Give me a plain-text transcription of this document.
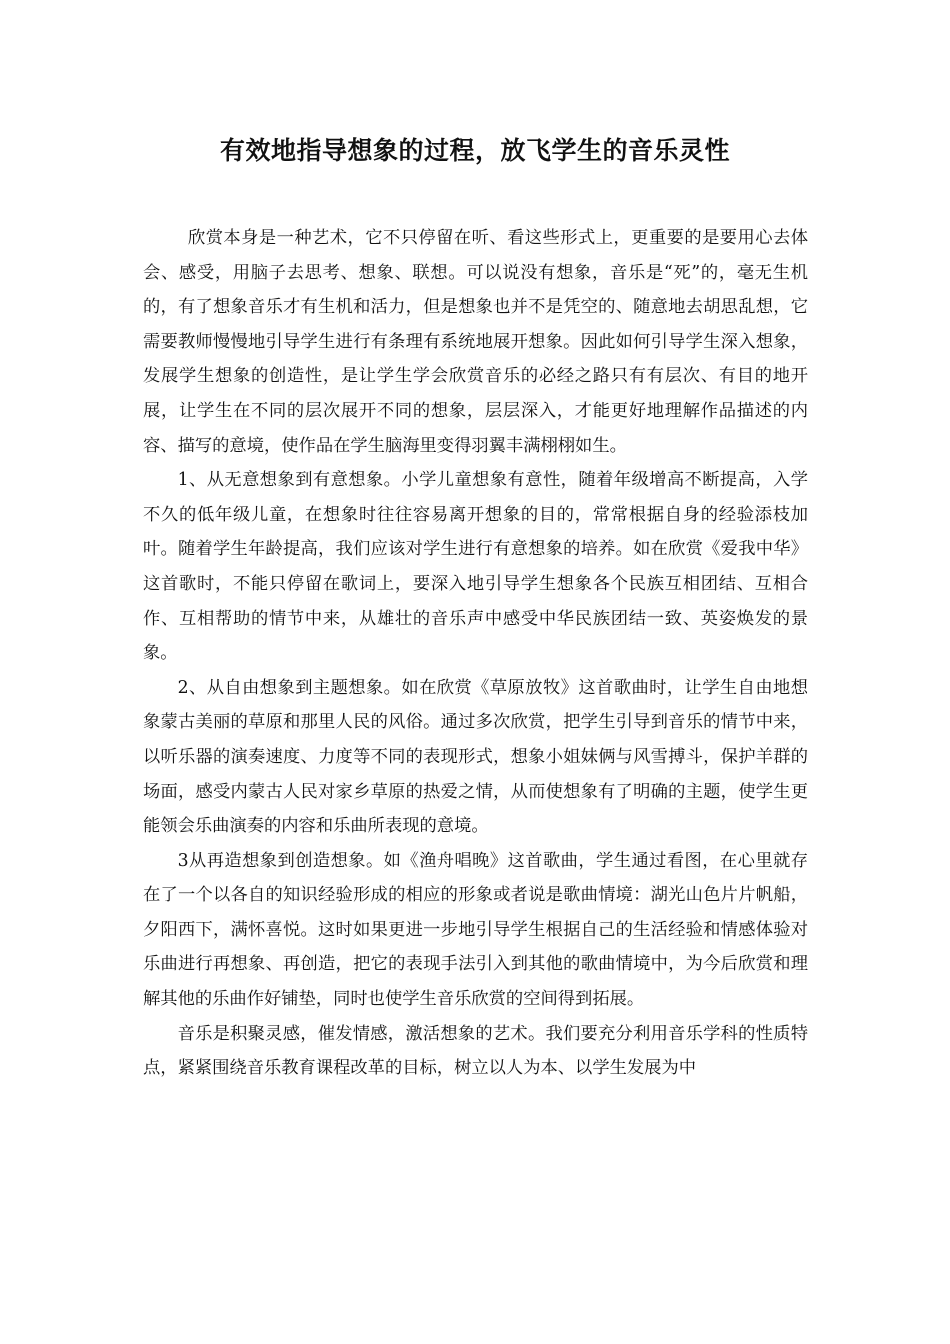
有效地指导想象的过程，放飞学生的音乐灵性

欣赏本身是一种艺术，它不只停留在听、看这些形式上，更重要的是要用心去体会、感受，用脑子去思考、想象、联想。可以说没有想象，音乐是“死”的，毫无生机的，有了想象音乐才有生机和活力，但是想象也并不是凭空的、随意地去胡思乱想，它需要教师慢慢地引导学生进行有条理有系统地展开想象。因此如何引导学生深入想象，发展学生想象的创造性，是让学生学会欣赏音乐的必经之路只有有层次、有目的地开展，让学生在不同的层次展开不同的想象，层层深入，才能更好地理解作品描述的内容、描写的意境，使作品在学生脑海里变得羽翼丰满栩栩如生。

1、从无意想象到有意想象。小学儿童想象有意性，随着年级增高不断提高，入学不久的低年级儿童，在想象时往往容易离开想象的目的，常常根据自身的经验添枝加叶。随着学生年龄提高，我们应该对学生进行有意想象的培养。如在欣赏《爱我中华》这首歌时，不能只停留在歌词上，要深入地引导学生想象各个民族互相团结、互相合作、互相帮助的情节中来，从雄壮的音乐声中感受中华民族团结一致、英姿焕发的景象。

2、从自由想象到主题想象。如在欣赏《草原放牧》这首歌曲时，让学生自由地想象蒙古美丽的草原和那里人民的风俗。通过多次欣赏，把学生引导到音乐的情节中来，以听乐器的演奏速度、力度等不同的表现形式，想象小姐妹俩与风雪搏斗，保护羊群的场面，感受内蒙古人民对家乡草原的热爱之情，从而使想象有了明确的主题，使学生更能领会乐曲演奏的内容和乐曲所表现的意境。

3从再造想象到创造想象。如《渔舟唱晚》这首歌曲，学生通过看图，在心里就存在了一个以各自的知识经验形成的相应的形象或者说是歌曲情境：湖光山色片片帆船，夕阳西下，满怀喜悦。这时如果更进一步地引导学生根据自己的生活经验和情感体验对乐曲进行再想象、再创造，把它的表现手法引入到其他的歌曲情境中，为今后欣赏和理解其他的乐曲作好铺垫，同时也使学生音乐欣赏的空间得到拓展。

音乐是积聚灵感，催发情感，激活想象的艺术。我们要充分利用音乐学科的性质特点，紧紧围绕音乐教育课程改革的目标，树立以人为本、以学生发展为中
